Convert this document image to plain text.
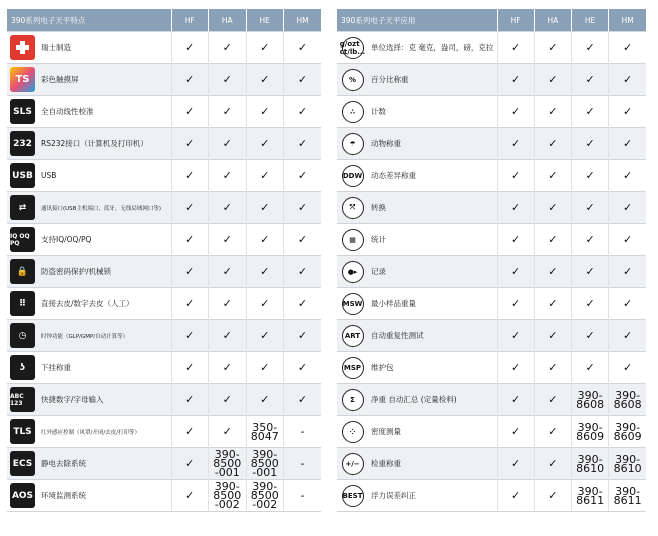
390系列电子天平特点	HF	HA	HE	HM

瑞士制造	✓	✓	✓	✓

TS 彩色触摸屏	✓	✓	✓	✓

SLS 全自动线性校准	✓	✓	✓	✓

232 RS232接口（计算机及打印机）	✓	✓	✓	✓

USB USB	✓	✓	✓	✓

⇄ 通讯接口(USB主机端口，蓝牙，无线局域网口等)	✓	✓	✓	✓

IQ OQ PQ 支持IQ/OQ/PQ	✓	✓	✓	✓

🔒 防盗密码保护/机械锁	✓	✓	✓	✓

⠿ 直接去皮/数字去皮（人工）	✓	✓	✓	✓

◷ 时钟功能（GLP/GMP/自动计算等）	✓	✓	✓	✓

ʖ 下挂称重	✓	✓	✓	✓

ABC 123 快捷数字/字母输入	✓	✓	✓	✓

TLS 红外感应控制（风罩/开闭/去皮/打印等）	✓	✓	350-8047	-

ECS 静电去除系统	✓	390-8500 -001	390-8500 -001	-

AOS 环境监测系统	✓	390-8500 -002	390-8500 -002	-
390系列电子天平应用	HF	HA	HE	HM

g/ozt ct/lb... 单位选择：克 毫克，盎司，磅，克拉	✓	✓	✓	✓

% 百分比称重	✓	✓	✓	✓

∴ 计数	✓	✓	✓	✓

☂ 动物称重	✓	✓	✓	✓

DDW 动态差异称重	✓	✓	✓	✓

⤲ 转换	✓	✓	✓	✓

▦ 统计	✓	✓	✓	✓

●▸ 记录	✓	✓	✓	✓

MSW 最小样品重量	✓	✓	✓	✓

ART 自动重复性测试	✓	✓	✓	✓

MSP 维护包	✓	✓	✓	✓

Σ 净重 自动汇总 (定量检料)	✓	✓	390-8608	390-8608

⁘ 密度测量	✓	✓	390-8609	390-8609

+/− 检重称重	✓	✓	390-8610	390-8610

BEST 浮力误差纠正	✓	✓	390-8611	390-8611
